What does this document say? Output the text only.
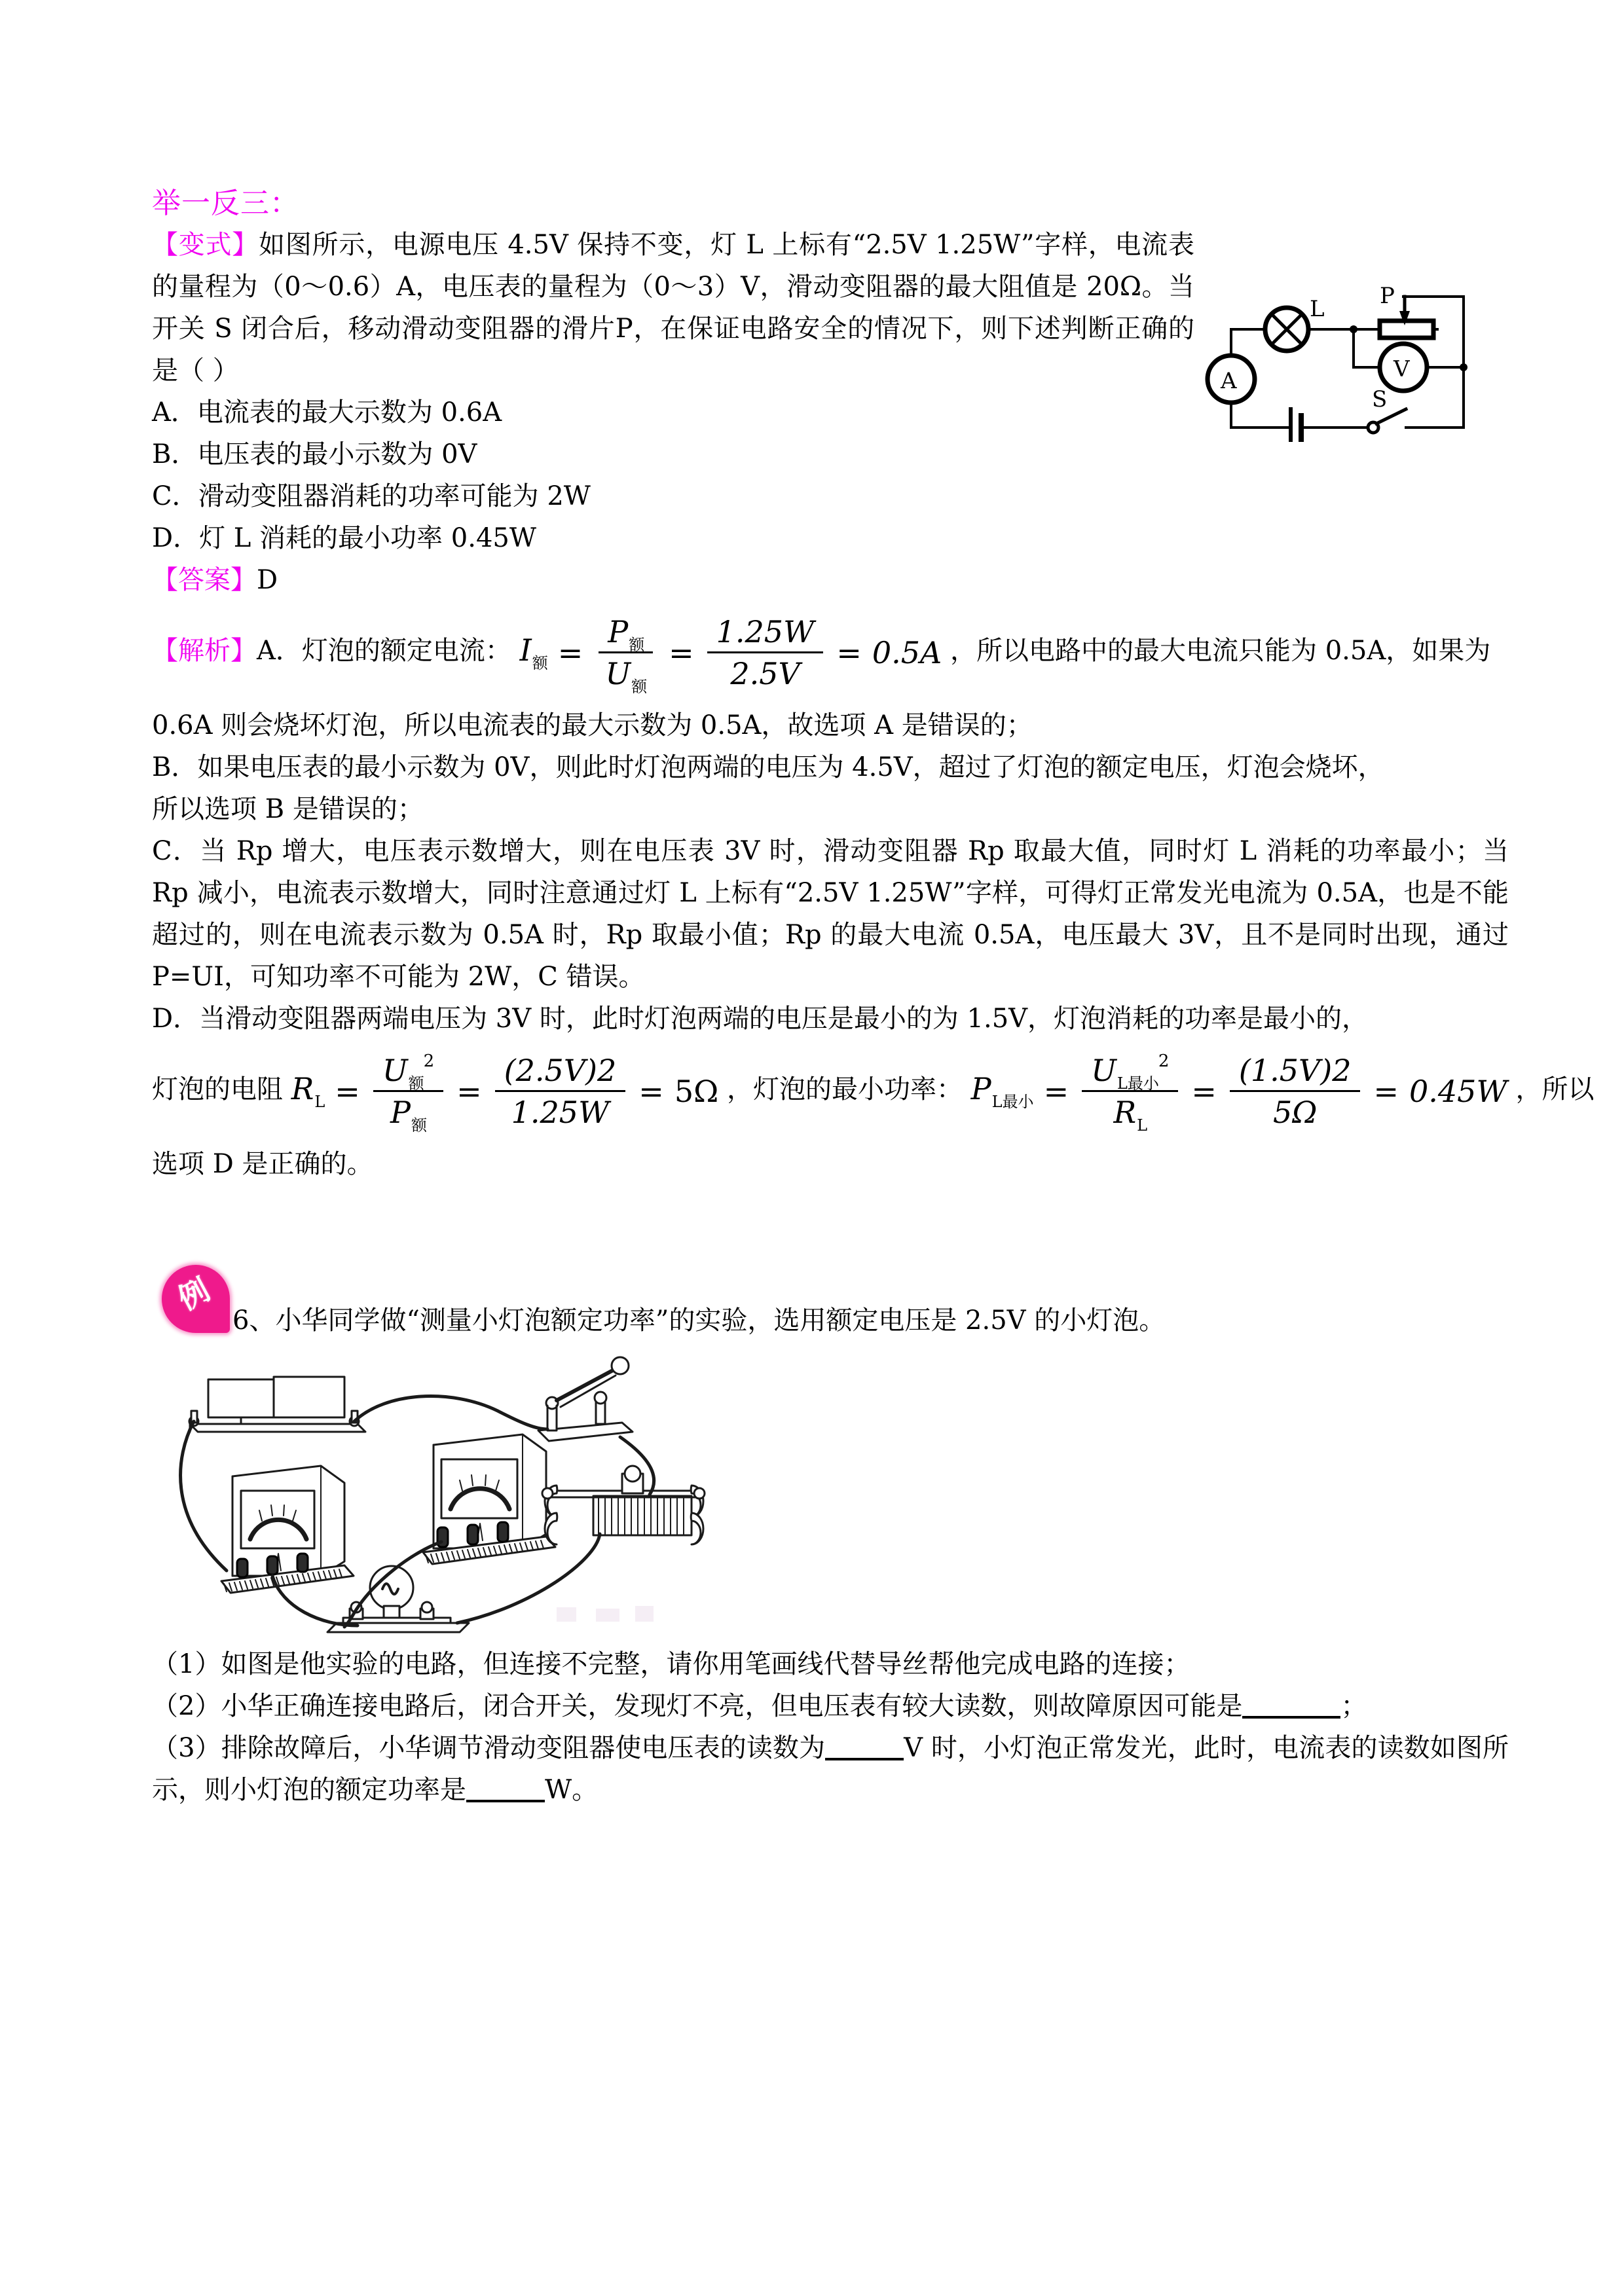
举一反三：

【变式】如图所示，电源电压 4.5V 保持不变，灯 L 上标有“2.5V 1.25W”字样，电流表的量程为（0～0.6）A，电压表的量程为（0～3）V，滑动变阻器的最大阻值是 20Ω。当开关 S 闭合后，移动滑动变阻器的滑片P，在保证电路安全的情况下，则下述判断正确的是（ ）

A．电流表的最大示数为 0.6A

B．电压表的最小示数为 0V

C．滑动变阻器消耗的功率可能为 2W

D．灯 L 消耗的最小功率 0.45W

【答案】D

【解析】A．灯泡的额定电流： $I_额 = \frac{P_额}{U_额} = \frac{1.25W}{2.5V} = 0.5A$ ，所以电路中的最大电流只能为 0.5A，如果为

0.6A 则会烧坏灯泡，所以电流表的最大示数为 0.5A，故选项 A 是错误的；

B．如果电压表的最小示数为 0V，则此时灯泡两端的电压为 4.5V，超过了灯泡的额定电压，灯泡会烧坏，

所以选项 B 是错误的；

C．当 Rp 增大，电压表示数增大，则在电压表 3V 时，滑动变阻器 Rp 取最大值，同时灯 L 消耗的功率最小；当 Rp 减小，电流表示数增大，同时注意通过灯 L 上标有“2.5V 1.25W”字样，可得灯正常发光电流为 0.5A，也是不能超过的，则在电流表示数为 0.5A 时，Rp 取最小值；Rp 的最大电流 0.5A，电压最大 3V，且不是同时出现，通过 P=UI，可知功率不可能为 2W，C 错误。

D．当滑动变阻器两端电压为 3V 时，此时灯泡两端的电压是最小的为 1.5V，灯泡消耗的功率是最小的，

灯泡的电阻 $R_L = \frac{U_额^2}{P_额} = \frac{(2.5V)2}{1.25W} = 5\Omega$ ，灯泡的最小功率： $P_{L最小} = \frac{U_{L最小}^2}{R_L} = \frac{(1.5V)2}{5\Omega} = 0.45W$ ，所以

选项 D 是正确的。

L
A	V
P
S
例
6、小华同学做“测量小灯泡额定功率”的实验，选用额定电压是 2.5V 的小灯泡。

（1）如图是他实验的电路，但连接不完整，请你用笔画线代替导丝帮他完成电路的连接；

（2）小华正确连接电路后，闭合开关，发现灯不亮，但电压表有较大读数，则故障原因可能是	；

（3）排除故障后，小华调节滑动变阻器使电压表的读数为	V 时，小灯泡正常发光，此时，电流表的读数如图所示，则小灯泡的额定功率是	W。
